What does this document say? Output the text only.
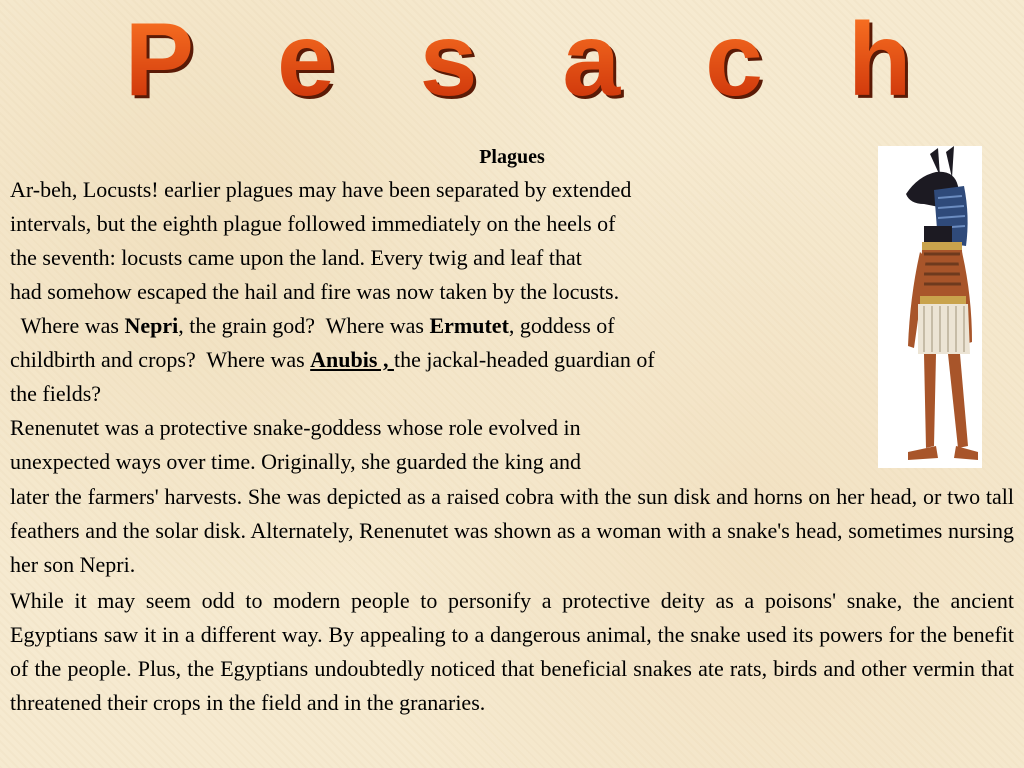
P e s a c h
Plagues
Ar-beh, Locusts! earlier plagues may have been separated by extended
intervals, but the eighth plague followed immediately on the heels of
the seventh: locusts came upon the land. Every twig and leaf that
had somehow escaped the hail and fire was now taken by the locusts.
Where was Nepri, the grain god?  Where was Ermutet, goddess of
childbirth and crops?  Where was Anubis , the jackal-headed guardian of
the fields?
Renenutet was a protective snake-goddess whose role evolved in
unexpected ways over time. Originally, she guarded the king and
later the farmers' harvests. She was depicted as a raised cobra with the sun disk and horns on her head, or two tall feathers and the solar disk. Alternately, Renenutet was shown as a woman with a snake's head, sometimes nursing her son Nepri.
While it may seem odd to modern people to personify a protective deity as a poisons' snake, the ancient Egyptians saw it in a different way. By appealing to a dangerous animal, the snake used its powers for the benefit of the people. Plus, the Egyptians undoubtedly noticed that beneficial snakes ate rats, birds and other vermin that threatened their crops in the field and in the granaries.
